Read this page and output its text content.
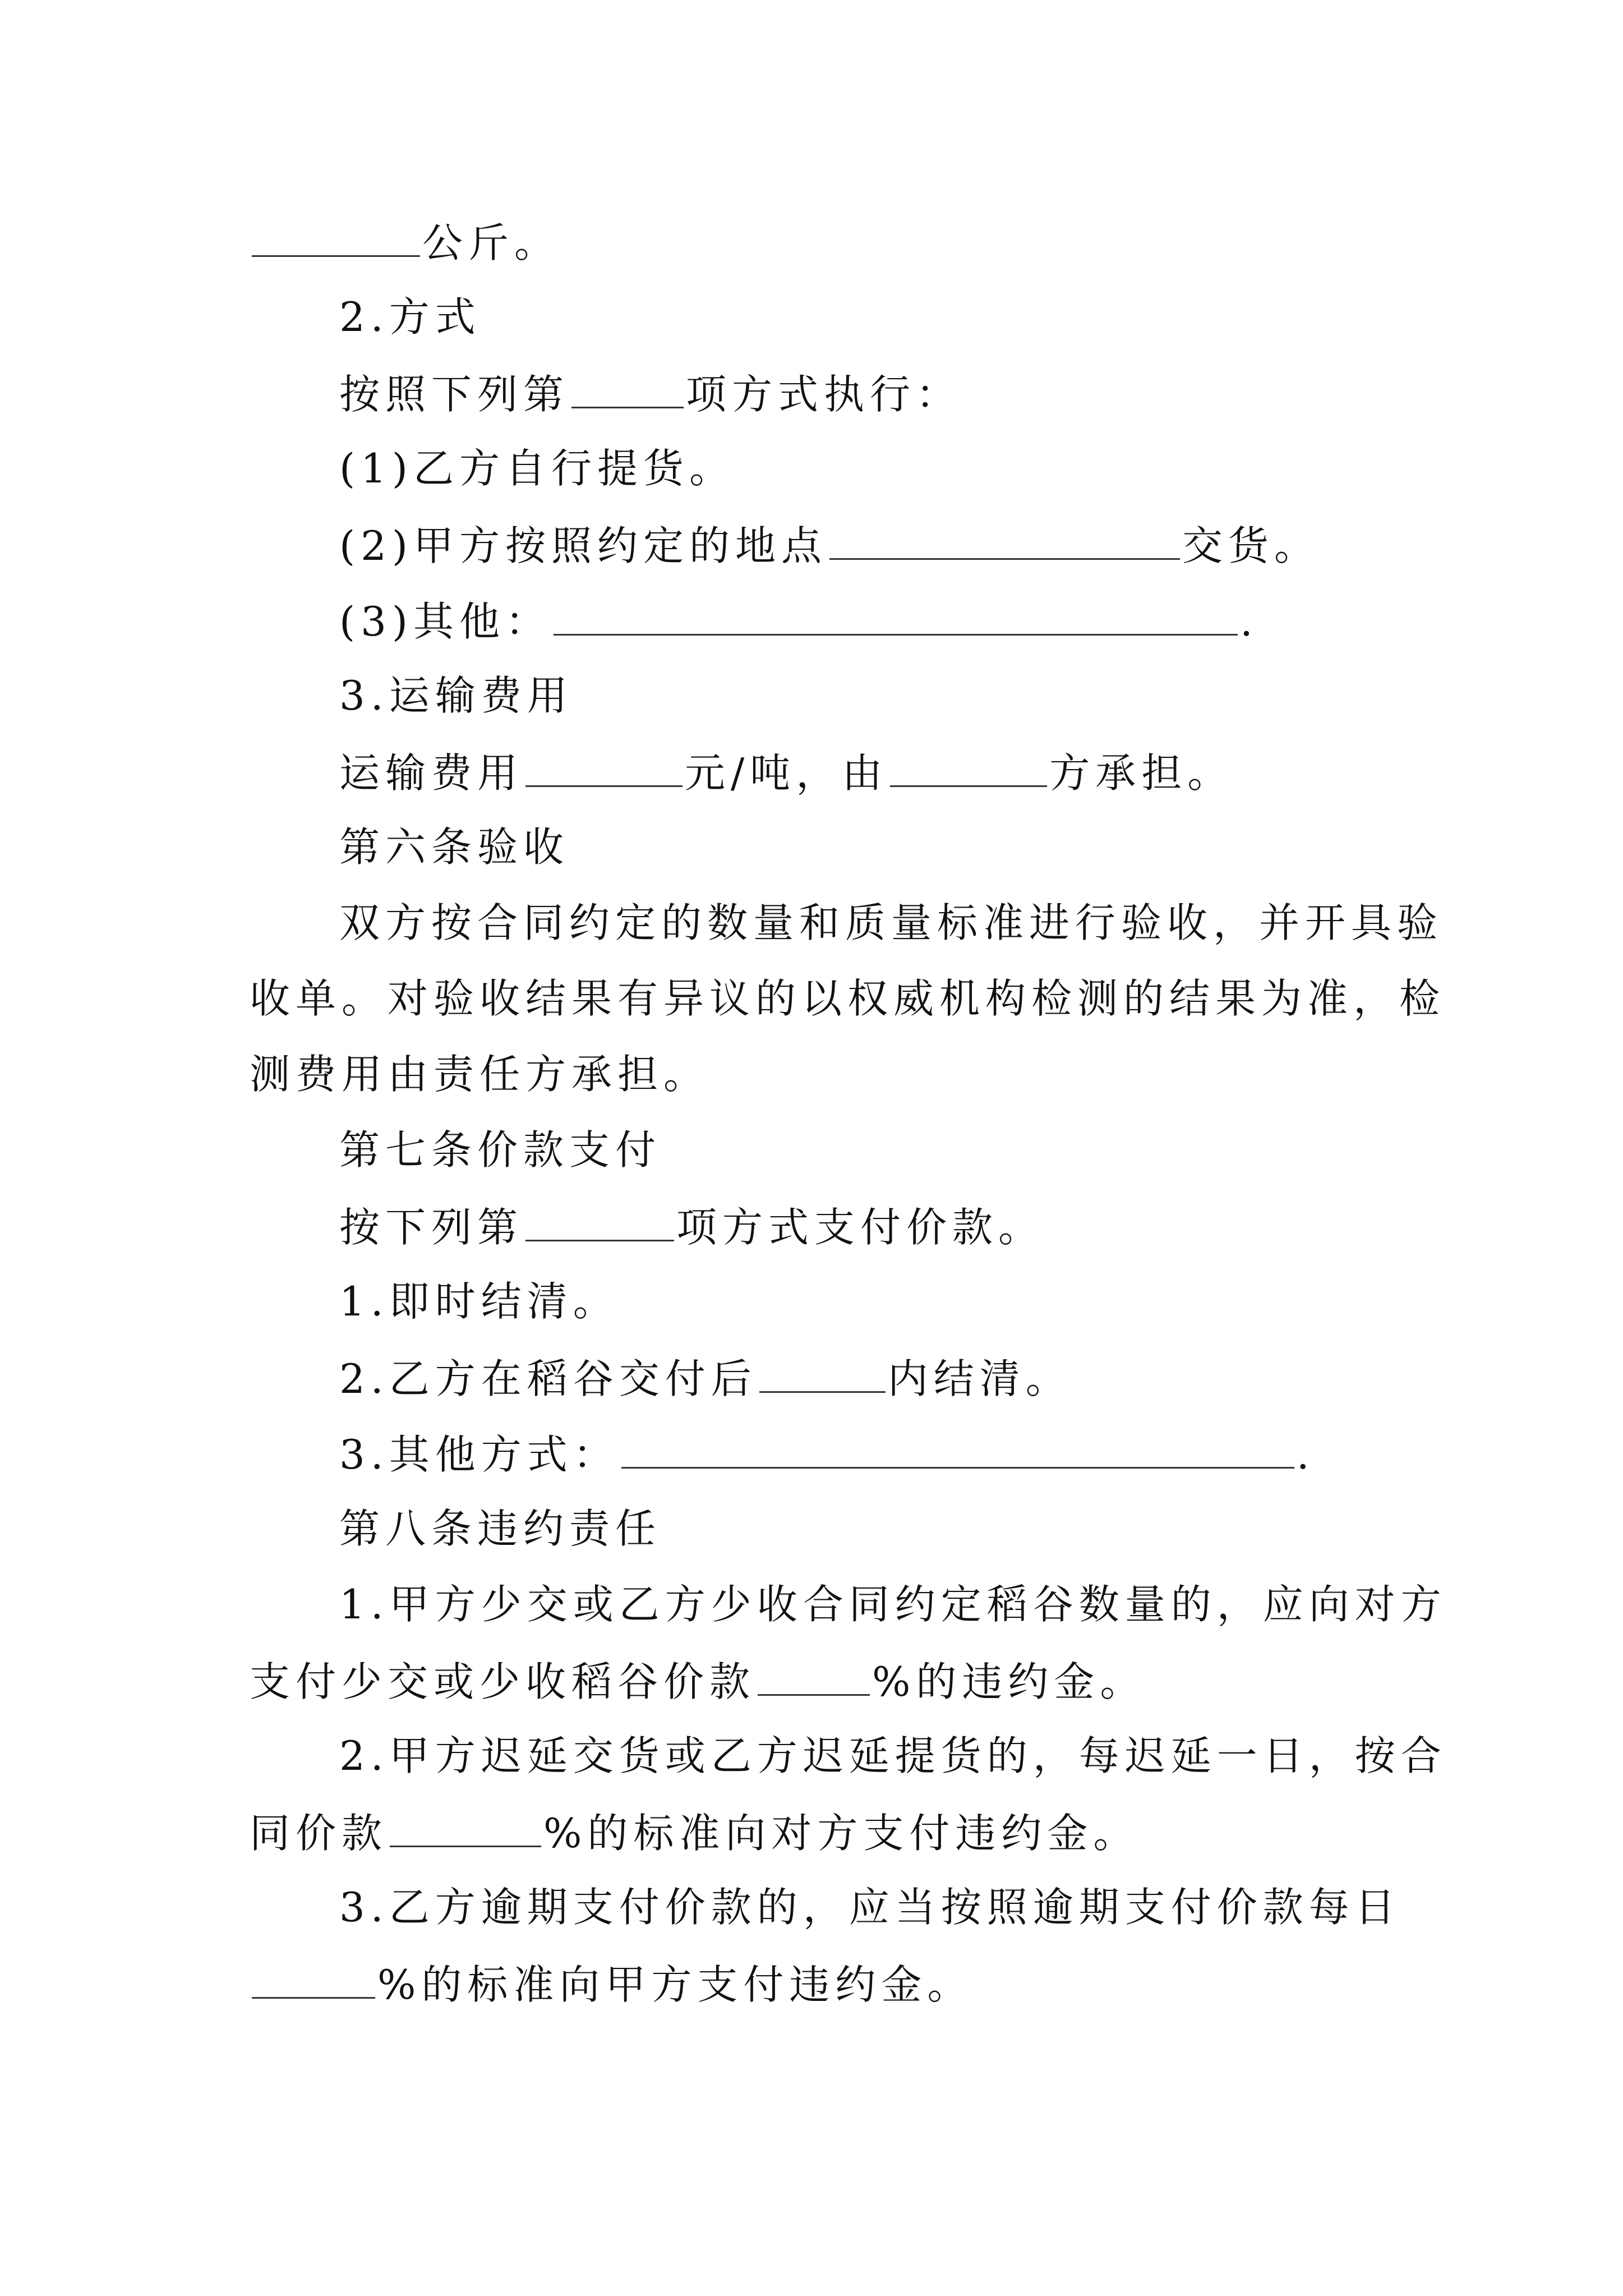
公斤。
2.方式
按照下列第	项方式执行：
(1)乙方自行提货。
(2)甲方按照约定的地点	交货。
(3)其他：	.
3.运输费用
运输费用	元/吨，由	方承担。
第六条验收
双方按合同约定的数量和质量标准进行验收，并开具验
收单。对验收结果有异议的以权威机构检测的结果为准，检
测费用由责任方承担。
第七条价款支付
按下列第	项方式支付价款。
1.即时结清。
2.乙方在稻谷交付后	内结清。
3.其他方式：	.
第八条违约责任
1.甲方少交或乙方少收合同约定稻谷数量的，应向对方
支付少交或少收稻谷价款	%的违约金。
2.甲方迟延交货或乙方迟延提货的，每迟延一日，按合
同价款	%的标准向对方支付违约金。
3.乙方逾期支付价款的，应当按照逾期支付价款每日
%的标准向甲方支付违约金。
